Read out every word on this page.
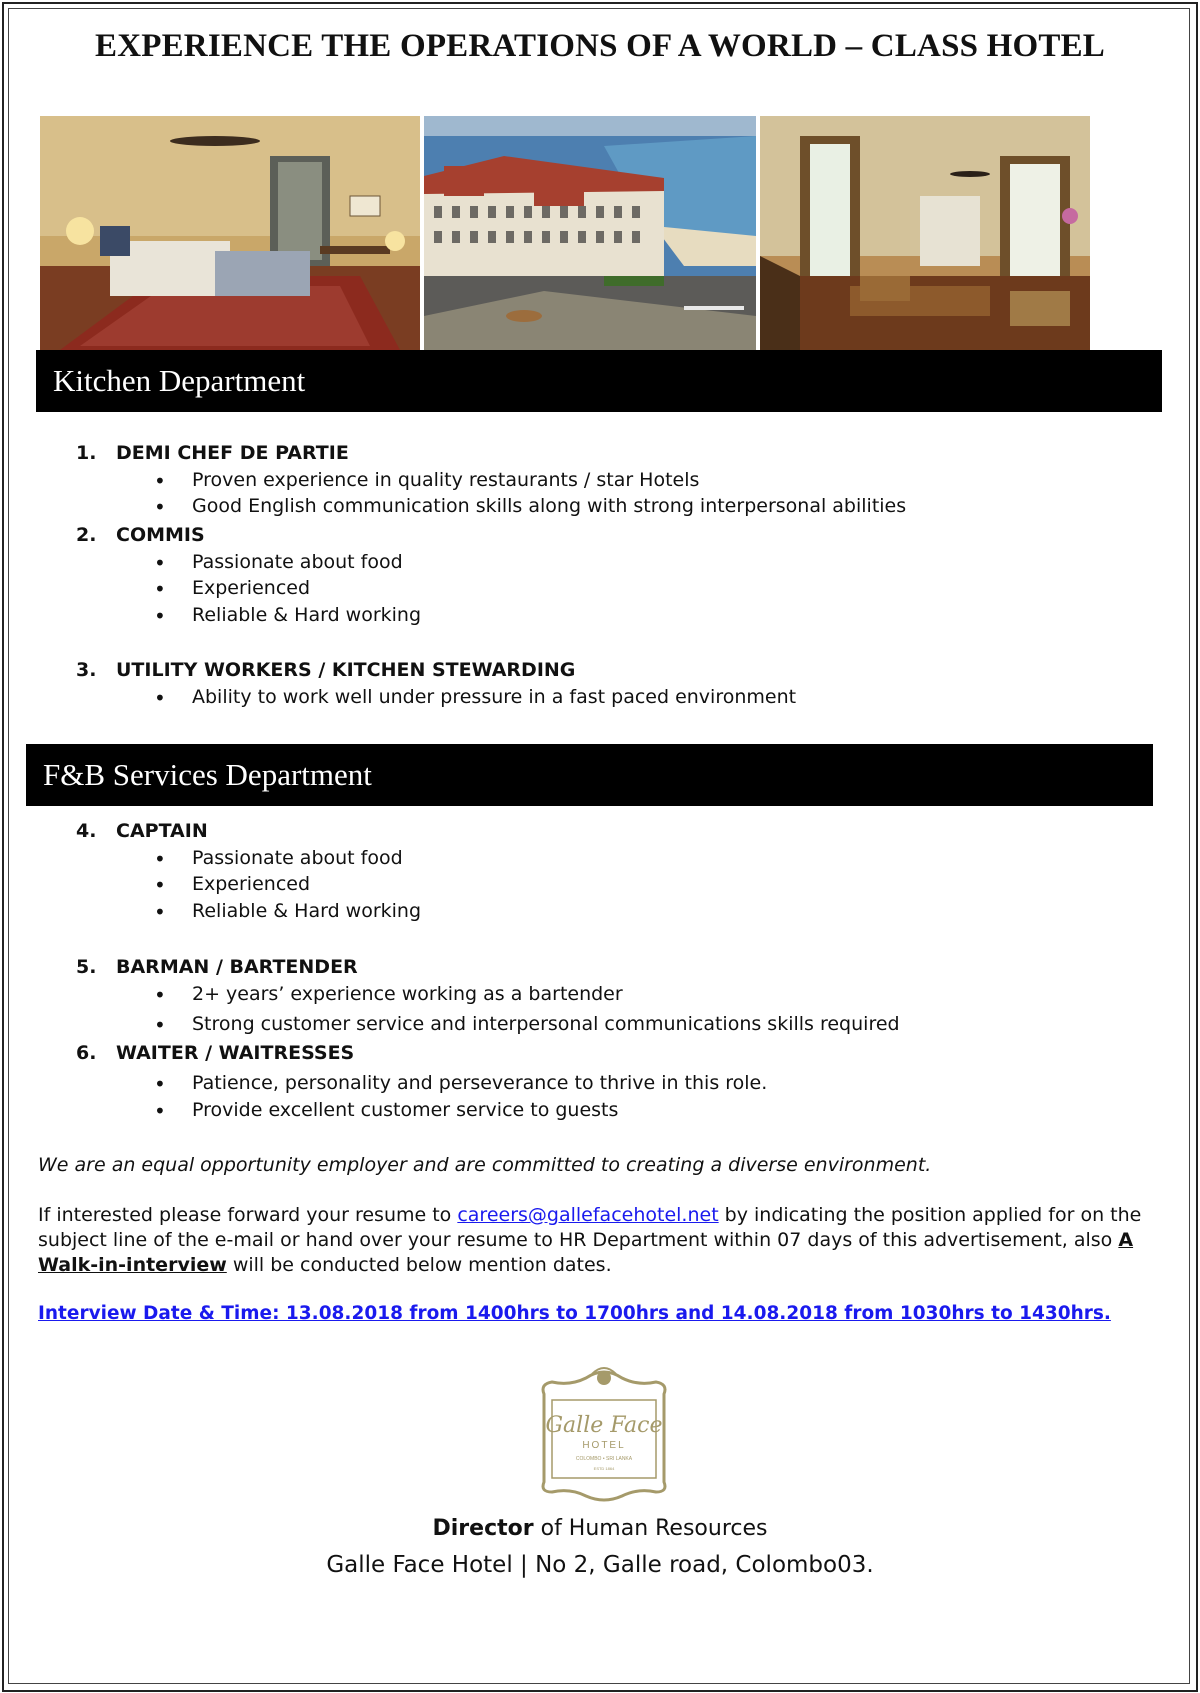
EXPERIENCE THE OPERATIONS OF A WORLD – CLASS HOTEL
Kitchen Department
1. DEMI CHEF DE PARTIE
• Proven experience in quality restaurants / star Hotels
• Good English communication skills along with strong interpersonal abilities
2. COMMIS
• Passionate about food
• Experienced
• Reliable & Hard working
3. UTILITY WORKERS / KITCHEN STEWARDING
• Ability to work well under pressure in a fast paced environment
F&B Services Department
4. CAPTAIN
• Passionate about food
• Experienced
• Reliable & Hard working
5. BARMAN / BARTENDER
• 2+ years’ experience working as a bartender
• Strong customer service and interpersonal communications skills required
6. WAITER / WAITRESSES
• Patience, personality and perseverance to thrive in this role.
• Provide excellent customer service to guests
We are an equal opportunity employer and are committed to creating a diverse environment.
If interested please forward your resume to careers@gallefacehotel.net by indicating the position applied for on the subject line of the e-mail or hand over your resume to HR Department within 07 days of this advertisement, also A Walk-in-interview will be conducted below mention dates.
Interview Date & Time: 13.08.2018 from 1400hrs to 1700hrs and 14.08.2018 from 1030hrs to 1430hrs.
Galle Face
HOTEL
COLOMBO • SRI LANKA
ESTD 1864
Director of Human Resources
Galle Face Hotel | No 2, Galle road, Colombo03.
